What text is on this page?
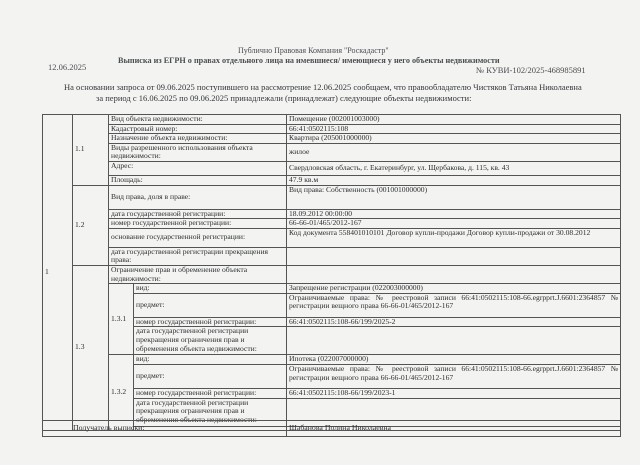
Публично Правовая Компания "Роскадастр"
Выписка из ЕГРН о правах отдельного лица на имевшиеся/ имеющиеся у него объекты недвижимости
12.06.2025	№ КУВИ-102/2025-468985891
На основании запроса от 09.06.2025 поступившего на рассмотрение 12.06.2025 сообщаем, что правообладателю Чистяков Татьяна Николаевна
за период с 16.06.2025 по 09.06.2025 принадлежали (принадлежат) следующие объекты недвижимости:
1	1.1	Вид объекта недвижимости:		Помещение (002001003000)
		Кадастровый номер:		66:41:0502115:108
		Назначение объекта недвижимости:		Квартира (205001000000)
		Виды разрешенного использования объекта недвижимости:		жилое
		Адрес:		Свердловская область, г. Екатеринбург, ул. Щербакова, д. 115, кв. 43
		Площадь:		47.9 кв.м
	1.2	Вид права, доля в праве:		Вид права: Собственность (001001000000)
		дата государственной регистрации:		18.09.2012 00:00:00
		номер государственной регистрации:		66-66-01/465/2012-167
		основание государственной регистрации:		Код документа 558401010101 Договор купли-продажи Договор купли-продажи от 30.08.2012
		дата государственной регистрации прекращения права:		
	1.3	Ограничение прав и обременение объекта недвижимости:		
		1.3.1	вид:	Запрещение регистрации (022003000000)
			предмет:	Ограничиваемые права: № реестровой записи 66:41:0502115:108-66.egrpprt.J.6601:2364857 № регистрации вещного права 66-66-01/465/2012-167

			номер государственной регистрации:	66:41:0502115:108-66/199/2025-2
			дата государственной регистрации прекращения ограничения прав и обременения объекта недвижимости:	
		1.3.2	вид:	Ипотека (022007000000)
			предмет:	Ограничиваемые права: № реестровой записи 66:41:0502115:108-66.egrpprt.J.6601:2364857 № регистрации вещного права 66-66-01/465/2012-167

			номер государственной регистрации:	66:41:0502115:108-66/199/2023-1
			дата государственной регистрации прекращения ограничения прав и обременения объекта недвижимости:	

Получатель выписки:	Шабанова Полина Николаевна
